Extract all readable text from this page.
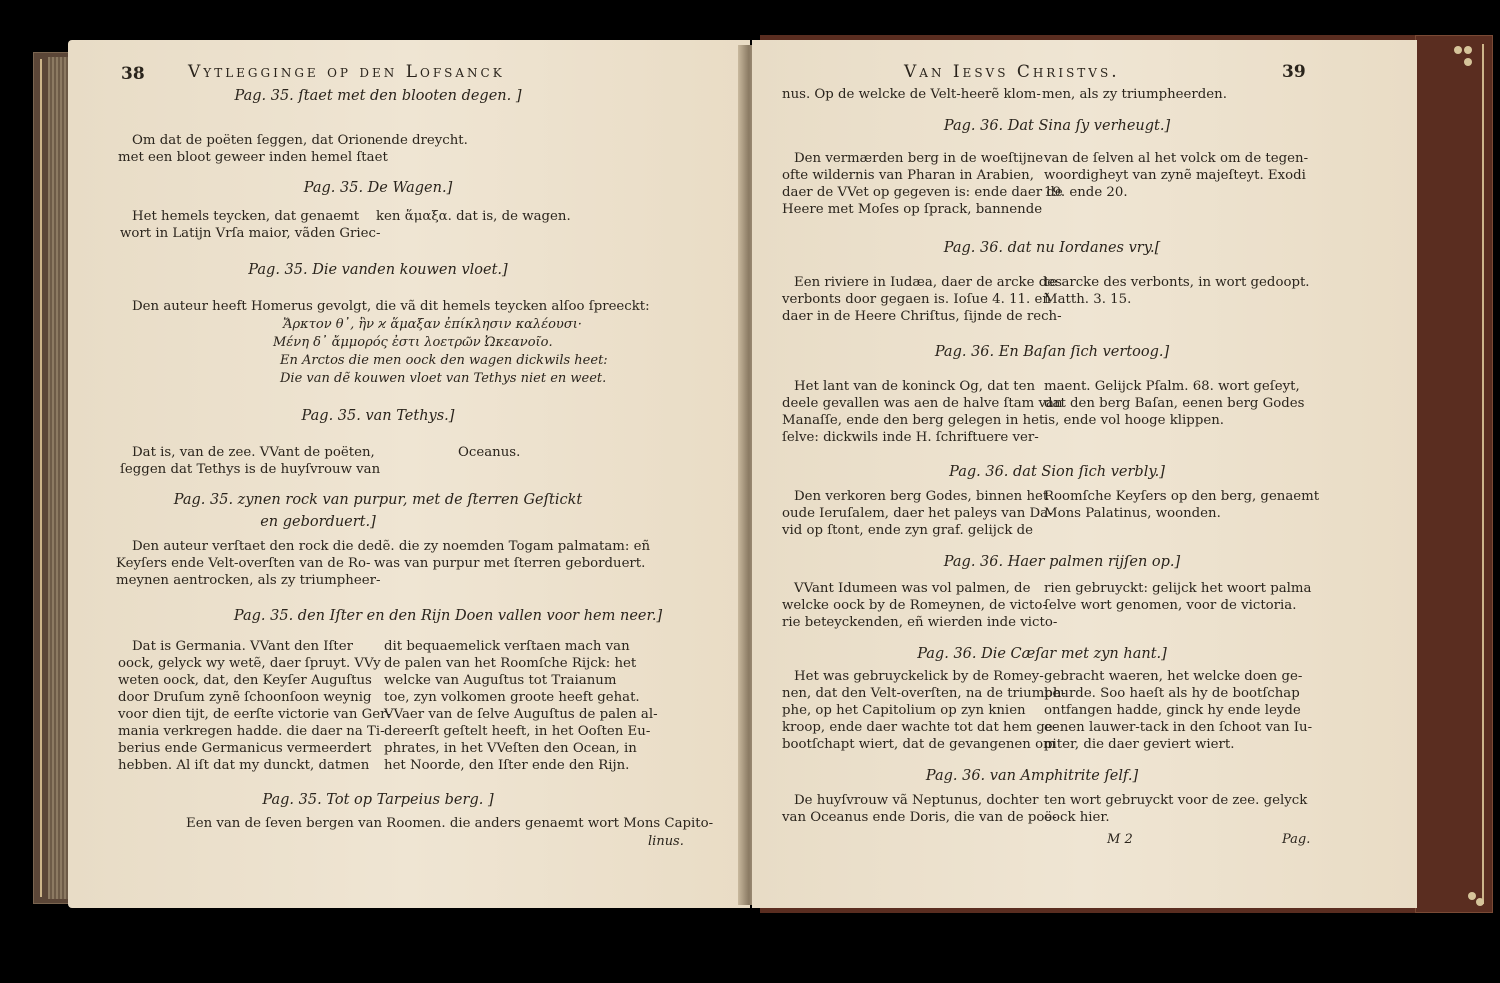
38	Vytlegginge op den Lofsanck
Pag. 35. ſtaet met den blooten degen. ]
Om dat de poëten ſeggen, dat Orion
met een bloot geweer inden hemel ſtaet
ende dreycht.
Pag. 35. De Wagen.]
Het hemels teycken, dat genaemt
wort in Latijn Vrſa maior, vãden Griec-
ken ἅμαξα. dat is, de wagen.
Pag. 35. Die vanden kouwen vloet.]
Den auteur heeft Homerus gevolgt, die vã dit hemels teycken alſoo ſpreeckt:
Ἄρκτον θ᾽, ἣν ϰ ἅμαξαν ἐπίκλησιν καλέουσι·
Μένη δ᾽ ἄμμορός ἐστι λοετρῶν Ὠκεανοῖο.
En Arctos die men oock den wagen dickwils heet:
Die van dẽ kouwen vloet van Tethys niet en weet.
Pag. 35. van Tethys.]
Dat is, van de zee. VVant de poëten,
ſeggen dat Tethys is de huyſvrouw van
Oceanus.
Pag. 35. zynen rock van purpur, met de ſterren Geſtickt
en geborduert.]
Den auteur verſtaet den rock die de
Keyſers ende Velt-overſten van de Ro-
meynen aentrocken, als zy triumpheer-
dẽ. die zy noemden Togam palmatam: eñ
was van purpur met ſterren geborduert.
Pag. 35. den Iſter en den Rijn Doen vallen voor hem neer.]
Dat is Germania. VVant den Iſter
oock, gelyck wy wetẽ, daer ſpruyt. VVy
weten oock, dat, den Keyſer Auguſtus
door Druſum zynẽ ſchoonſoon weynig
voor dien tijt, de eerſte victorie van Ger-
mania verkregen hadde. die daer na Ti-
berius ende Germanicus vermeerdert
hebben. Al iſt dat my dunckt, datmen
dit bequaemelick verſtaen mach van
de palen van het Roomſche Rijck: het
welcke van Auguſtus tot Traianum
toe, zyn volkomen groote heeft gehat.
VVaer van de ſelve Auguſtus de palen al-
dereerſt geſtelt heeft, in het Ooſten Eu-
phrates, in het VVeſten den Ocean, in
het Noorde, den Iſter ende den Rijn.
Pag. 35. Tot op Tarpeius berg. ]
Een van de ſeven bergen van Roomen. die anders genaemt wort Mons Capito-
linus.
Van Iesvs Christvs.	39
nus. Op de welcke de Velt-heerẽ klom- men, als zy triumpheerden.
Pag. 36. Dat Sina ſy verheugt.]
Den vermærden berg in de woeſtijne
ofte wildernis van Pharan in Arabien,
daer de VVet op gegeven is: ende daer de
Heere met Moſes op ſprack, bannende
van de ſelven al het volck om de tegen-
woordigheyt van zynẽ majeſteyt. Exodi
19. ende 20.
Pag. 36. dat nu Iordanes vry.[
Een riviere in Iudæa, daer de arcke des
verbonts door gegaen is. Ioſue 4. 11. eñ
daer in de Heere Chriſtus, ſijnde de rech-
te arcke des verbonts, in wort gedoopt.
Matth. 3. 15.
Pag. 36. En Baſan ſich vertoog.]
Het lant van de koninck Og, dat ten
deele gevallen was aen de halve ſtam van
Manaſſe, ende den berg gelegen in het
ſelve: dickwils inde H. ſchriftuere ver-
maent. Gelijck Pſalm. 68. wort geſeyt,
dat den berg Baſan, eenen berg Godes
is, ende vol hooge klippen.
Pag. 36. dat Sion ſich verbly.]
Den verkoren berg Godes, binnen het
oude Ieruſalem, daer het paleys van Da-
vid op ſtont, ende zyn graf. gelijck de
Roomſche Keyſers op den berg, genaemt
Mons Palatinus, woonden.
Pag. 36. Haer palmen rijſen op.]
VVant Idumeen was vol palmen, de
welcke oock by de Romeynen, de victo-
rie beteyckenden, eñ wierden inde victo-
rien gebruyckt: gelijck het woort palma
ſelve wort genomen, voor de victoria.
Pag. 36. Die Cæſar met zyn hant.]
Het was gebruyckelick by de Romey-
nen, dat den Velt-overſten, na de triumph-
phe, op het Capitolium op zyn knien
kroop, ende daer wachte tot dat hem ge-
bootſchapt wiert, dat de gevangenen om
gebracht waeren, het welcke doen ge-
beurde. Soo haeſt als hy de bootſchap
ontfangen hadde, ginck hy ende leyde
eenen lauwer-tack in den ſchoot van Iu-
piter, die daer geviert wiert.
Pag. 36. van Amphitrite ſelf.]
De huyſvrouw vã Neptunus, dochter
van Oceanus ende Doris, die van de poë-
ten wort gebruyckt voor de zee. gelyck
oock hier.
M 2	Pag.
